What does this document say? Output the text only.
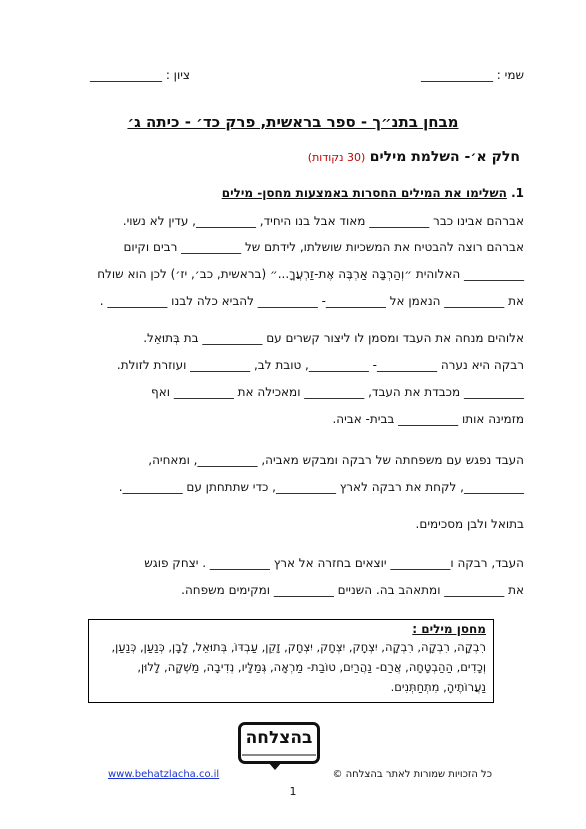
שמי : ____________
ציון : ____________
מבחן בתנ״ך - ספר בראשית, פרק כד׳ - כיתה ג׳
חלק א׳- השלמת מילים (30 נקודות)
1. השלימו את המילים החסרות באמצעות מחסן- מילים
אברהם אבינו כבר __________ מאוד אבל בנו היחיד, __________, עדין לא נשוי.
אברהם רוצה להבטיח את המשכיות שושלתו, לידתם של __________ רבים וקיום
__________ האלוהית ״וְהַרְבָּה אַרְבֶּה אֶת-זַרְעֲךָ...״ (בראשית, כב׳, יז׳) לכן הוא שולח
את __________ הנאמן אל __________- __________ להביא כלה לבנו __________ .
אלוהים מנחה את העבד ומסמן לו ליצור קשרים עם __________ בת בְּתוּאֵל.
רבקה היא נערה __________- __________, טובת לב, __________ ועוזרת לזולת.
__________ מכבדת את העבד, __________ ומאכילה את __________ ואף
מזמינה אותו __________ בבית- אביה.
העבד נפגש עם משפחתה של רבקה ומבקש מאביה, __________, ומאחיה,
__________, לקחת את רבקה לארץ __________, כדי שתתחתן עם __________.
בתואל ולבן מסכימים.
העבד, רבקה ו__________ יוצאים בחזרה אל ארץ __________ . יצחק פוגש
את __________ ומתאהב בה. השניים __________ ומקימים משפחה.
מחסן מילים :
רִבְקָה, רִבְקָה, רִבְקָה, יִצְחָק, יִצְחָק, יִצְחָק, זָקֵן, עַבְדּוֹ, בְּתוּאֵל, לָבָן, כְּנַעַן, כְּנַעַן,
וְכָדִים, הַהַבְטָחָה, אֲרַם- נַהֲרַיִם, טוֹבַת- מַרְאָה, גְּמַלָּיו, נְדִיבָה, מַשְׁקָה, לָלוּן,
נַעֲרוֹתֶיהָ, מִתְחַתְּנִים.
בהצלחה
www.behatzlacha.co.il	כל הזכויות שמורות לאתר בהצלחה ©
1
